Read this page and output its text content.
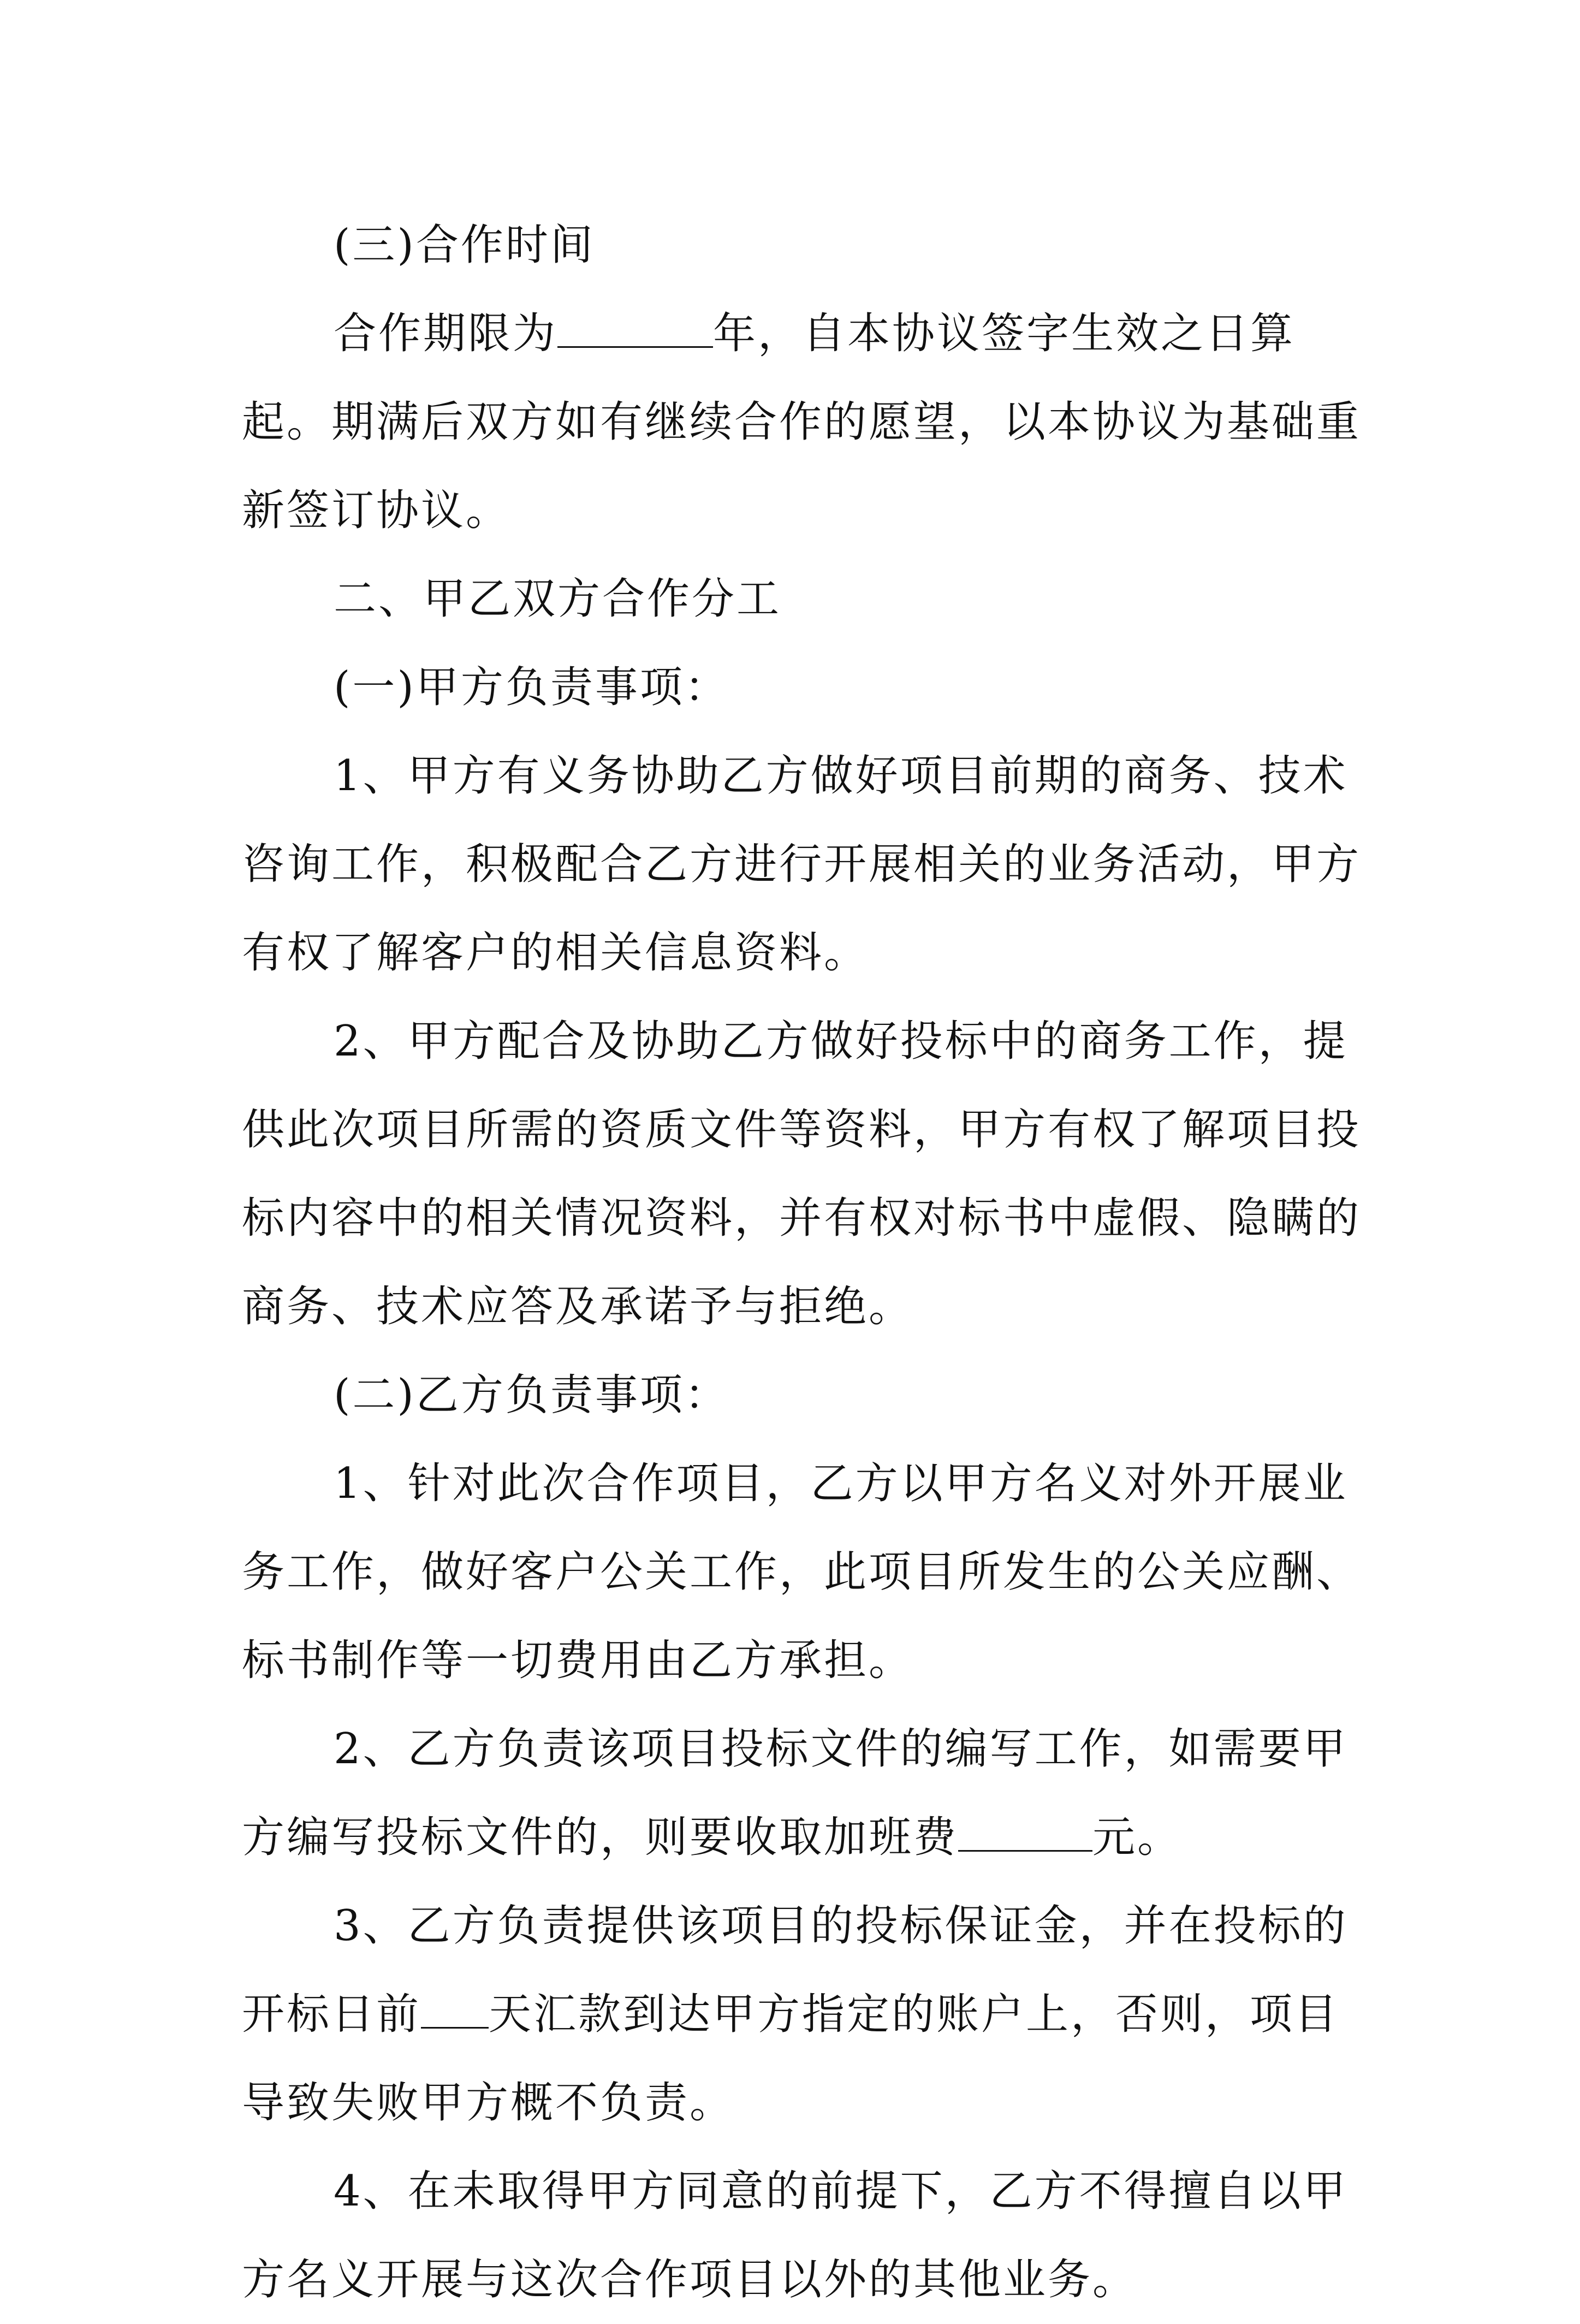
(三)合作时间

合作期限为	年，自本协议签字生效之日算起。期满后双方如有继续合作的愿望，以本协议为基础重新签订协议。

二、甲乙双方合作分工

(一)甲方负责事项：

1、甲方有义务协助乙方做好项目前期的商务、技术咨询工作，积极配合乙方进行开展相关的业务活动，甲方有权了解客户的相关信息资料。

2、甲方配合及协助乙方做好投标中的商务工作，提供此次项目所需的资质文件等资料，甲方有权了解项目投标内容中的相关情况资料，并有权对标书中虚假、隐瞒的商务、技术应答及承诺予与拒绝。

(二)乙方负责事项：

1、针对此次合作项目，乙方以甲方名义对外开展业务工作，做好客户公关工作，此项目所发生的公关应酬、标书制作等一切费用由乙方承担。

2、乙方负责该项目投标文件的编写工作，如需要甲方编写投标文件的，则要收取加班费	元。

3、乙方负责提供该项目的投标保证金，并在投标的开标日前 天汇款到达甲方指定的账户上，否则，项目导致失败甲方概不负责。

4、在未取得甲方同意的前提下，乙方不得擅自以甲方名义开展与这次合作项目以外的其他业务。
